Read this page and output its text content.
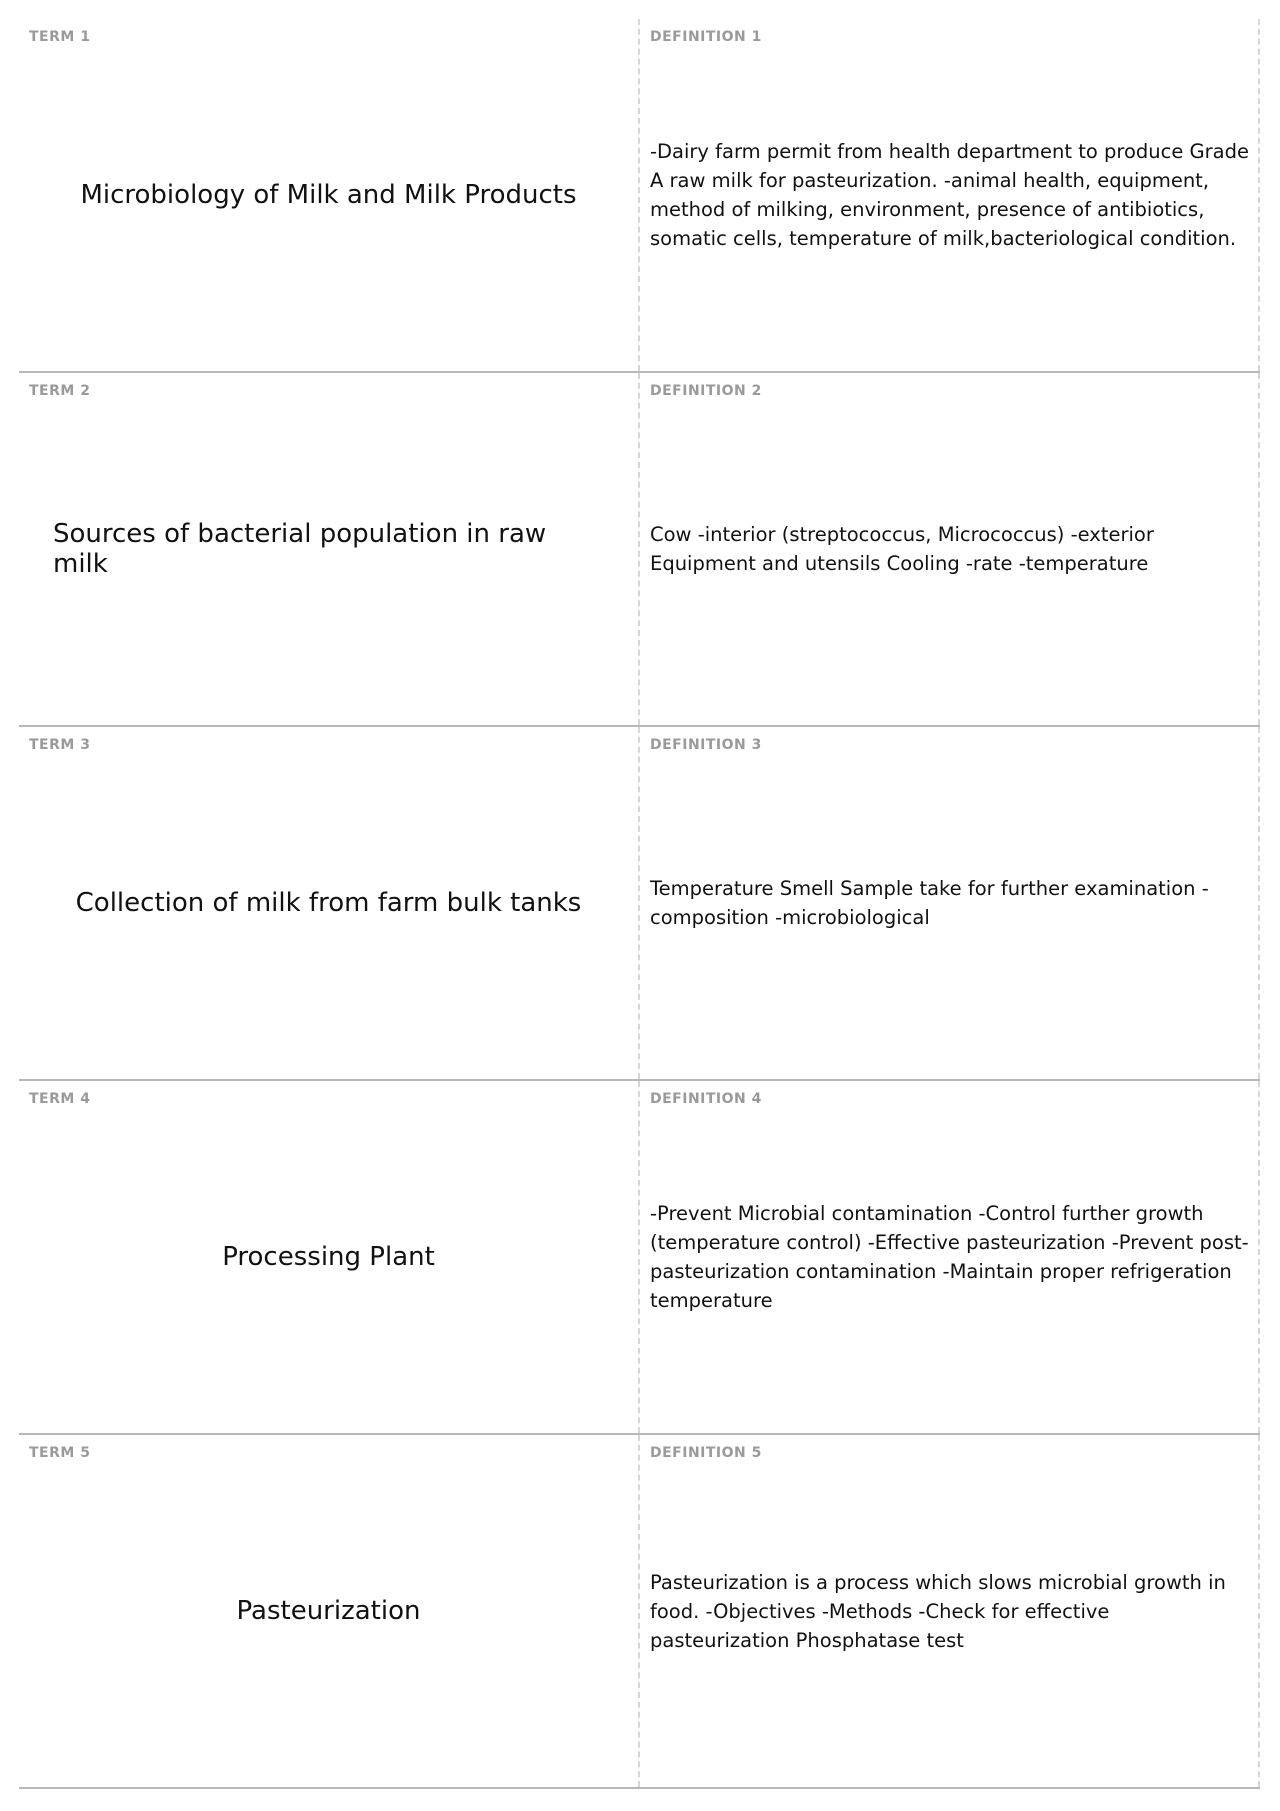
TERM 1
Microbiology of Milk and Milk Products
DEFINITION 1
-Dairy farm permit from health department to produce Grade A raw milk for pasteurization. -animal health, equipment, method of milking, environment, presence of antibiotics, somatic cells, temperature of milk,bacteriological condition.
TERM 2
Sources of bacterial population in raw milk
DEFINITION 2
Cow -interior (streptococcus, Micrococcus) -exterior Equipment and utensils Cooling -rate -temperature
TERM 3
Collection of milk from farm bulk tanks
DEFINITION 3
Temperature Smell Sample take for further examination -composition -microbiological
TERM 4
Processing Plant
DEFINITION 4
-Prevent Microbial contamination -Control further growth (temperature control) -Effective pasteurization -Prevent post-pasteurization contamination -Maintain proper refrigeration temperature
TERM 5
Pasteurization
DEFINITION 5
Pasteurization is a process which slows microbial growth in food. -Objectives -Methods -Check for effective pasteurization Phosphatase test
